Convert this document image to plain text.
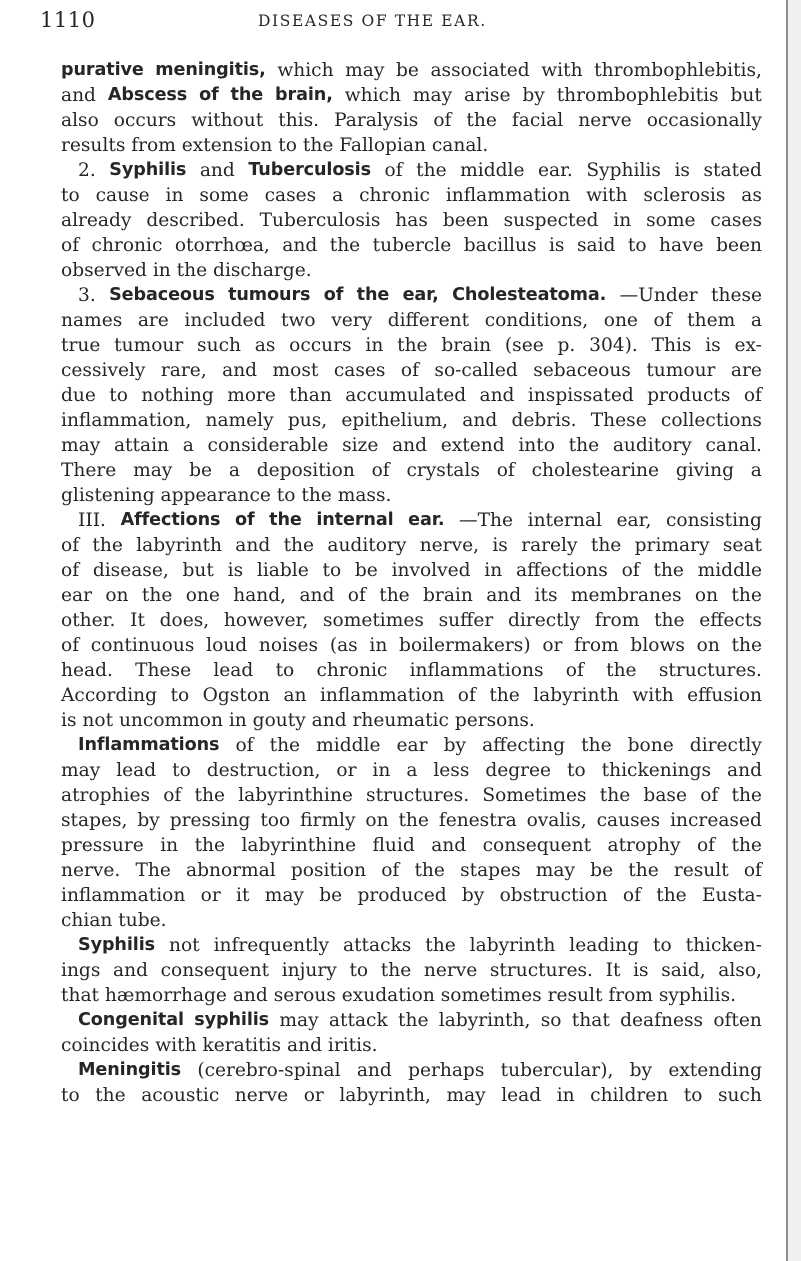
1110	DISEASES OF THE EAR.
purative meningitis, which may be associated with thrombophlebitis,
and Abscess of the brain, which may arise by thrombophlebitis but
also occurs without this. Paralysis of the facial nerve occasionally
results from extension to the Fallopian canal.
2. Syphilis and Tuberculosis of the middle ear. Syphilis is stated
to cause in some cases a chronic inflammation with sclerosis as
already described. Tuberculosis has been suspected in some cases
of chronic otorrhœa, and the tubercle bacillus is said to have been
observed in the discharge.
3. Sebaceous tumours of the ear, Cholesteatoma. —Under these
names are included two very different conditions, one of them a
true tumour such as occurs in the brain (see p. 304). This is ex-
cessively rare, and most cases of so-called sebaceous tumour are
due to nothing more than accumulated and inspissated products of
inflammation, namely pus, epithelium, and debris. These collections
may attain a considerable size and extend into the auditory canal.
There may be a deposition of crystals of cholestearine giving a
glistening appearance to the mass.
III. Affections of the internal ear. —The internal ear, consisting
of the labyrinth and the auditory nerve, is rarely the primary seat
of disease, but is liable to be involved in affections of the middle
ear on the one hand, and of the brain and its membranes on the
other. It does, however, sometimes suffer directly from the effects
of continuous loud noises (as in boilermakers) or from blows on the
head. These lead to chronic inflammations of the structures.
According to Ogston an inflammation of the labyrinth with effusion
is not uncommon in gouty and rheumatic persons.
Inflammations of the middle ear by affecting the bone directly
may lead to destruction, or in a less degree to thickenings and
atrophies of the labyrinthine structures. Sometimes the base of the
stapes, by pressing too firmly on the fenestra ovalis, causes increased
pressure in the labyrinthine fluid and consequent atrophy of the
nerve. The abnormal position of the stapes may be the result of
inflammation or it may be produced by obstruction of the Eusta-
chian tube.
Syphilis not infrequently attacks the labyrinth leading to thicken-
ings and consequent injury to the nerve structures. It is said, also,
that hæmorrhage and serous exudation sometimes result from syphilis.
Congenital syphilis may attack the labyrinth, so that deafness often
coincides with keratitis and iritis.
Meningitis (cerebro-spinal and perhaps tubercular), by extending
to the acoustic nerve or labyrinth, may lead in children to such
